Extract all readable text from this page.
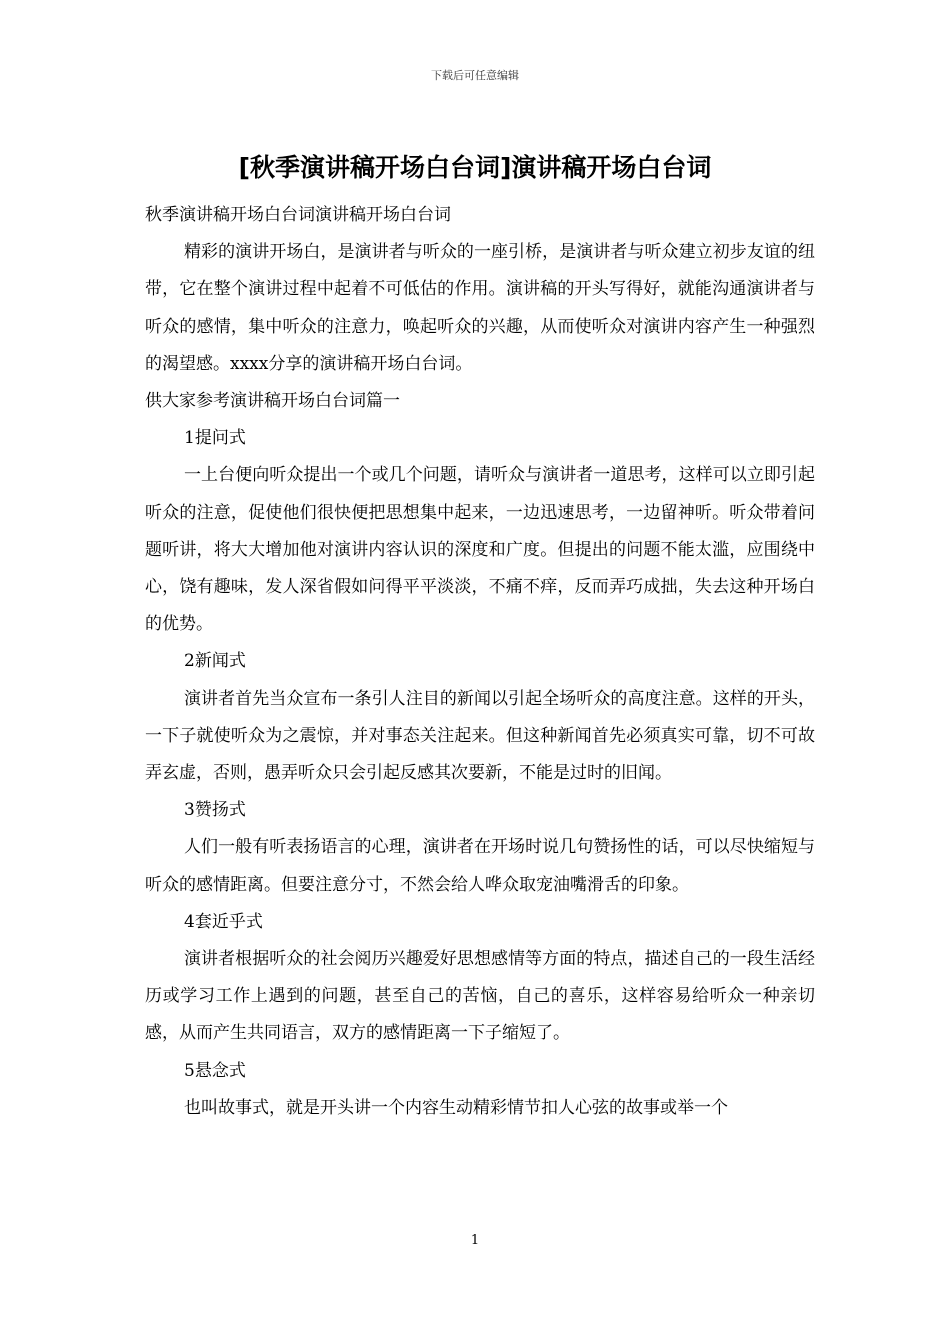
下载后可任意编辑
[秋季演讲稿开场白台词]演讲稿开场白台词

秋季演讲稿开场白台词演讲稿开场白台词

精彩的演讲开场白，是演讲者与听众的一座引桥，是演讲者与听众建立初步友谊的纽带，它在整个演讲过程中起着不可低估的作用。演讲稿的开头写得好，就能沟通演讲者与听众的感情，集中听众的注意力，唤起听众的兴趣，从而使听众对演讲内容产生一种强烈的渴望感。xxxx分享的演讲稿开场白台词。

供大家参考演讲稿开场白台词篇一

1提问式

一上台便向听众提出一个或几个问题，请听众与演讲者一道思考，这样可以立即引起听众的注意，促使他们很快便把思想集中起来，一边迅速思考，一边留神听。听众带着问题听讲，将大大增加他对演讲内容认识的深度和广度。但提出的问题不能太滥，应围绕中心，饶有趣味，发人深省假如问得平平淡淡，不痛不痒，反而弄巧成拙，失去这种开场白的优势。

2新闻式

演讲者首先当众宣布一条引人注目的新闻以引起全场听众的高度注意。这样的开头，一下子就使听众为之震惊，并对事态关注起来。但这种新闻首先必须真实可靠，切不可故弄玄虚，否则，愚弄听众只会引起反感其次要新，不能是过时的旧闻。

3赞扬式

人们一般有听表扬语言的心理，演讲者在开场时说几句赞扬性的话，可以尽快缩短与听众的感情距离。但要注意分寸，不然会给人哗众取宠油嘴滑舌的印象。

4套近乎式

演讲者根据听众的社会阅历兴趣爱好思想感情等方面的特点，描述自己的一段生活经历或学习工作上遇到的问题，甚至自己的苦恼，自己的喜乐，这样容易给听众一种亲切感，从而产生共同语言，双方的感情距离一下子缩短了。

5悬念式

也叫故事式，就是开头讲一个内容生动精彩情节扣人心弦的故事或举一个

1
